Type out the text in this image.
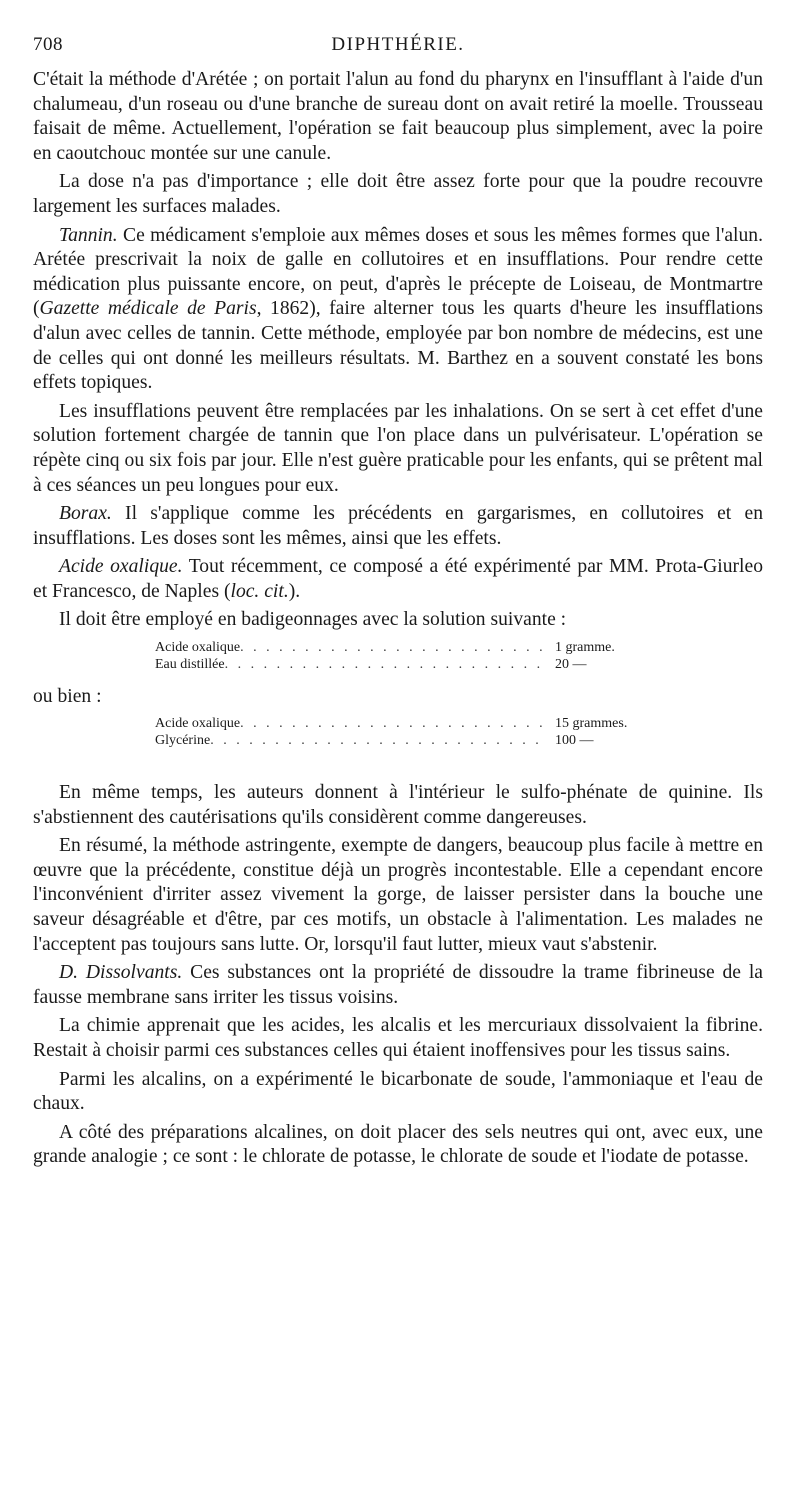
708	DIPHTHÉRIE.

C'était la méthode d'Arétée ; on portait l'alun au fond du pharynx en l'insufflant à l'aide d'un chalumeau, d'un roseau ou d'une branche de sureau dont on avait retiré la moelle. Trousseau faisait de même. Actuellement, l'opération se fait beaucoup plus simplement, avec la poire en caoutchouc montée sur une canule.

La dose n'a pas d'importance ; elle doit être assez forte pour que la poudre recouvre largement les surfaces malades.

Tannin. Ce médicament s'emploie aux mêmes doses et sous les mêmes formes que l'alun. Arétée prescrivait la noix de galle en collutoires et en insufflations. Pour rendre cette médication plus puissante encore, on peut, d'après le précepte de Loiseau, de Montmartre (Gazette médicale de Paris, 1862), faire alterner tous les quarts d'heure les insufflations d'alun avec celles de tannin. Cette méthode, employée par bon nombre de médecins, est une de celles qui ont donné les meilleurs résultats. M. Barthez en a souvent constaté les bons effets topiques.

Les insufflations peuvent être remplacées par les inhalations. On se sert à cet effet d'une solution fortement chargée de tannin que l'on place dans un pulvérisateur. L'opération se répète cinq ou six fois par jour. Elle n'est guère praticable pour les enfants, qui se prêtent mal à ces séances un peu longues pour eux.

Borax. Il s'applique comme les précédents en gargarismes, en collutoires et en insufflations. Les doses sont les mêmes, ainsi que les effets.

Acide oxalique. Tout récemment, ce composé a été expérimenté par MM. Prota-Giurleo et Francesco, de Naples (loc. cit.).

Il doit être employé en badigeonnages avec la solution suivante :

Acide oxalique . . .	1 gramme.
Eau distillée . . .	20 —
ou bien :
Acide oxalique . . .	15 grammes.
Glycérine . . .	100 —

En même temps, les auteurs donnent à l'intérieur le sulfo-phénate de quinine. Ils s'abstiennent des cautérisations qu'ils considèrent comme dangereuses.

En résumé, la méthode astringente, exempte de dangers, beaucoup plus facile à mettre en œuvre que la précédente, constitue déjà un progrès incontestable. Elle a cependant encore l'inconvénient d'irriter assez vivement la gorge, de laisser persister dans la bouche une saveur désagréable et d'être, par ces motifs, un obstacle à l'alimentation. Les malades ne l'acceptent pas toujours sans lutte. Or, lorsqu'il faut lutter, mieux vaut s'abstenir.

D. Dissolvants. Ces substances ont la propriété de dissoudre la trame fibrineuse de la fausse membrane sans irriter les tissus voisins.

La chimie apprenait que les acides, les alcalis et les mercuriaux dissolvaient la fibrine. Restait à choisir parmi ces substances celles qui étaient inoffensives pour les tissus sains.

Parmi les alcalins, on a expérimenté le bicarbonate de soude, l'ammoniaque et l'eau de chaux.

A côté des préparations alcalines, on doit placer des sels neutres qui ont, avec eux, une grande analogie ; ce sont : le chlorate de potasse, le chlorate de soude et l'iodate de potasse.
